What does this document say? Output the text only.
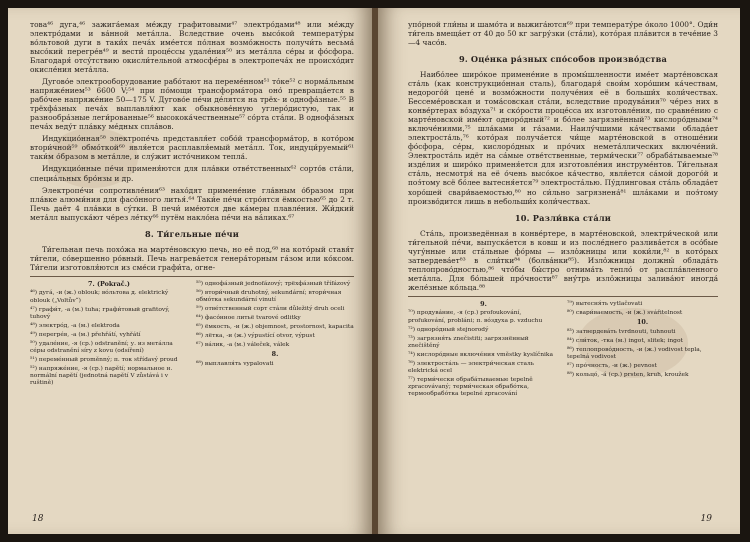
това⁴⁶ дуга,⁴⁶ зажига́емая ме́жду графитовыми⁴⁷ электро́дами⁴⁸ или ме́жду электро́дами и ва́нной мета́лла. Вследствие очень высо́кой температу́ры во́льтовой дуги в таки́х печа́х име́ется по́лная возмо́жность получи́ть весьма́ высо́кий перегре́в⁴⁹ и вести́ проце́ссы удале́ния⁵⁰ из мета́лла се́ры и фо́сфора. Благодаря́ отсу́тствию окисли́тельной атмосфе́ры в электропеча́х не происхо́дит окисле́ния мета́лла.

Дугово́е электрооборудование рабо́тают на переме́нном⁵¹ то́ке⁵² с норма́льным напряже́нием⁵³ 6600 V;⁵⁴ при по́мощи трансформа́тора оно́ превраща́ется в рабо́чее напряже́ние 50—175 V. Дугово́е пе́чи де́лятся на трёх- и однофа́зные.⁵⁵ В трёхфа́зных печа́х выплавля́ют как обыкнове́нную углеро́дистую, так и разнообра́зные леги́рованные⁵⁶ высокока́чественные⁵⁷ со́рта ста́ли. В однофа́зных печа́х веду́т пла́вку ме́дных спла́вов.

Индукцио́нная⁵⁸ электропе́чь представля́ет собо́й трансформа́тор, в кото́ром втори́чной⁵⁹ обмо́ткой⁶⁰ явля́ется расплавля́емый мета́лл. Ток, индуци́руемый⁶¹ таки́м о́бразом в мета́лле, и слу́жит исто́чником тепла́.

Индукцио́нные пе́чи применя́ются для пла́вки отве́тственных⁶² сорто́в ста́ли, специа́льных бро́нзы и др.

Электропе́чи сопротивле́ния⁶³ нахо́дят примене́ние гла́вным о́бразом при пла́вке алюми́ния для фасо́нного литья́.⁶⁴ Таки́е пе́чи стро́ятся ёмкостью⁶⁵ до 2 т. Печь даёт 4 пла́вки в су́тки. В печи́ име́ются две ка́меры плавле́ния. Жи́дкий мета́лл выпуска́ют че́рез ле́тку⁶⁶ путём накло́на пе́чи на ва́ликах.⁶⁷

8. Ти́гельные пе́чи

Ти́гельная печь похо́жа на марте́новскую печь, но её под,⁶⁸ на кото́рый ставя́т ти́гели, со́вершенно ро́вный. Печь нагрева́ется генера́торным га́зом или ко́ксом. Ти́гели изготовля́ются из сме́си графи́та, огне-

7. (Pokrač.)
⁴⁶) дуга́, -и (ж.) oblouk; во́льтова д. elektrický oblouk („Voltův“)
⁴⁷) графи́т, -а (м.) tuha; графи́товый grafitový, tuhový
⁴⁸) электро́д, -а (м.) elektroda
⁴⁹) перегре́в, -а (м.) přehřátí, vyhřátí
⁵⁰) удале́ние, -я (ср.) odstranění; у. из мета́лла се́ры odstranění síry z kovu (odsíření)
⁵¹) переме́нный proměnný; п. ток střídavý proud
⁵²) напряже́ние, -я (ср.) napětí; нормальное н. normální napětí (jednotná napětí V zůstává i v ruštině)
⁵⁵) однофа́зный jednofázový; трёхфа́зный třífázový
⁵⁶) втори́чный druhotný, sekundární; втори́чная обмо́тка sekundární vinutí
⁵⁹) отве́тственный сорт ста́ли důležitý druh oceli
⁶⁴) фасо́нное литьё tvarové odlitky
⁶⁵) ёмкость, -и (ж.) objemnost, prostornost, kapacita
⁶⁶) лётка, -и (ж.) výpustící otvor, výpust
⁶⁷) ва́лик, -а (м.) váleček, válek
8.
⁶⁸) выплавля́ть vypalovati
18

упо́рной гли́ны и шамо́та и выжига́ются⁶⁹ при температу́ре о́коло 1000°. Оди́н ти́гель вмеща́ет от 40 до 50 кг загру́зки (ста́ли), кото́рая пла́вится в тече́ние 3—4 часо́в.

9. Оце́нка ра́зных спо́собов произво́дства

Наибо́лее широ́кое примене́ние в промы́шленности име́ет марте́новская ста́ль (как конструкцио́нная сталь), благодаря́ свои́м хоро́шим ка́чествам, недорого́й цене́ и возмо́жности получе́ния её в больши́х коли́чествах. Бессеме́ровская и тома́совская ста́ли, вследствие продува́ния⁷⁰ че́рез них в конве́ртерах во́здуха⁷¹ и ско́рости проце́сса их изготовле́ния, по сравне́нию с марте́новской име́ют одноро́дный⁷² и бо́лее загрязнённый⁷³ кислоро́дными⁷⁴ включе́ниями,⁷⁵ шла́ками и га́зами. Наилу́чшими ка́чествами облада́ет электроста́ль,⁷⁶ кото́рая получа́ется чи́ще марте́новской в отноше́нии фо́сфора, се́ры, кислоро́дных и про́чих немета́ллических включе́ний. Электроста́ль идёт на са́мые отве́тственные, терми́чески⁷⁷ обраба́тываемые⁷⁸ изде́лия и широ́ко применя́ется для изготовле́ния инструме́нтов. Ти́гельная ста́ль, несмотря́ на её о́чень высо́кое ка́чество, явля́ется са́мой дорого́й и поэ́тому всё бо́лее вытесня́ется⁷⁹ электроста́лью. Пу́длинговая ста́ль облада́ет хоро́шей свари́ваемостью,⁸⁰ но си́льно загрязнена́⁸¹ шла́ками и поэ́тому произво́дится лишь в небольши́х коли́чествах.

10. Разли́вка ста́ли

Ста́ль, произведённая в конве́ртере, в марте́новской, электри́ческой или ти́гельной пе́чи, выпуска́ется в ковш и из после́днего разлива́ется в осо́бые чугу́нные или ста́льные фо́рмы — излo̓жницы или коки́ли,⁸² в кото́рых затвердева́ет⁸³ в сли́тки⁸⁴ (болва́нки⁸⁵). Излo̓жницы должны́ облада́ть теплопрово́дностью,⁸⁶ что́бы бы́стро отнима́ть тепло́ от распла́вленного мета́лла. Для бо́льшей про́чности⁸⁷ вну́трь излo̓жницы залива́ют иногда́ желе́зные ко́льца.⁸⁸

9.
⁷⁰) продува́ние, -я (ср.) profoukování, profukování, probláni; п. во́здуха p. vzduchu
⁷²) одноро́дный stejnorodý
⁷³) загрязня́ть znečistiti; загрязнённый znečištěný
⁷⁴) кислоро́дные включе́ния vměstky kyslíčnika
⁷⁶) электроста́ль — электри́ческая сталь elektrická ocel
⁷⁷) терми́чески обраба́тываемые tepelně zpracovávaný; терми́ческая обрабо́тка, термообрабо́тка tepelné zpracování
⁷⁹) вытесня́ть vytlačovati
⁸⁰) свари́ваемость, -и (ж.) svářitelnost
10.
⁸³) затвердева́ть tvrdnouti, tuhnouti
⁸⁴) сли́ток, -тка (м.) ingot, slitek; ingot
⁸⁶) теплопрово́дность, -и (ж.) vodivost tepla, tepelná vodivost
⁸⁷) про́чность, -и (ж.) pevnost
⁸⁸) кольцо́, -а́ (ср.) prsten, kruh, kroužek
19
